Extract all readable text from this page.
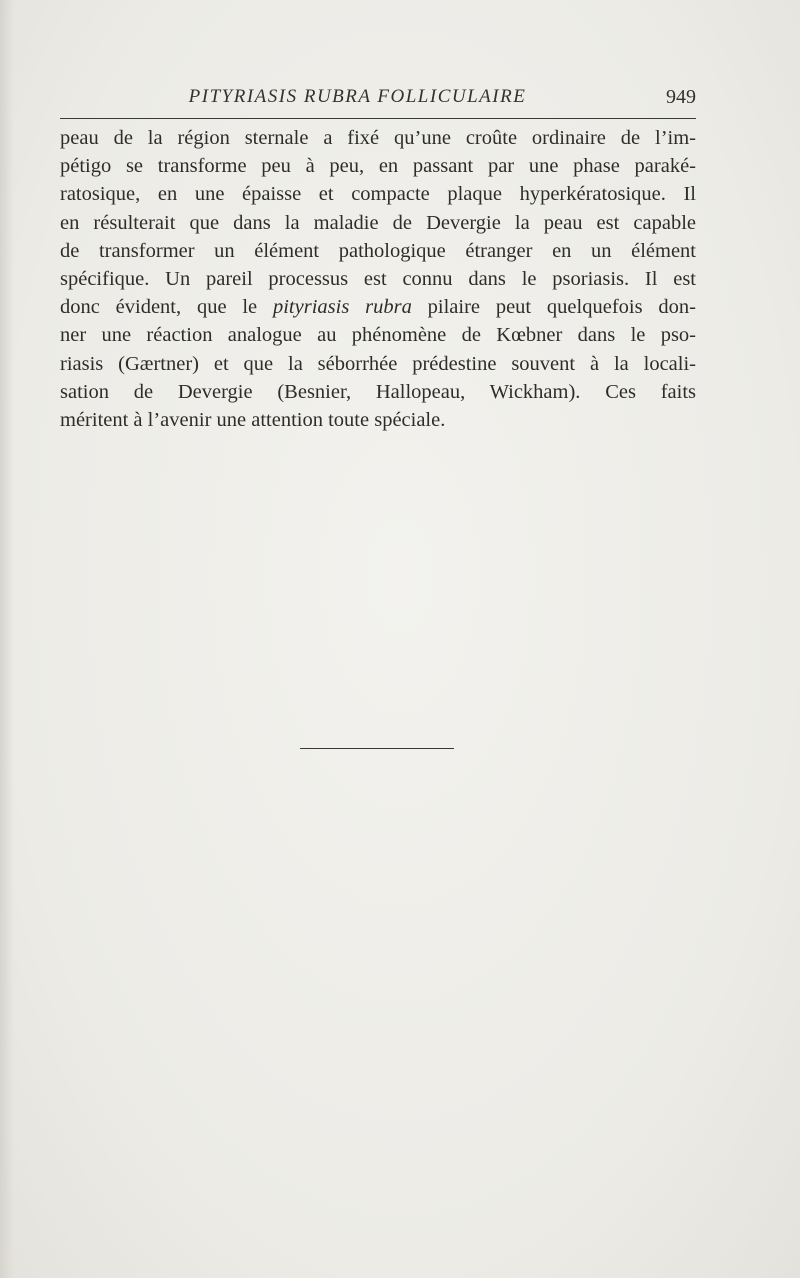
PITYRIASIS RUBRA FOLLICULAIRE	949
peau de la région sternale a fixé qu’une croûte ordinaire de l’im-
pétigo se transforme peu à peu, en passant par une phase paraké-
ratosique, en une épaisse et compacte plaque hyperkératosique. Il
en résulterait que dans la maladie de Devergie la peau est capable
de transformer un élément pathologique étranger en un élément
spécifique. Un pareil processus est connu dans le psoriasis. Il est
donc évident, que le pityriasis rubra pilaire peut quelquefois don-
ner une réaction analogue au phénomène de Kœbner dans le pso-
riasis (Gærtner) et que la séborrhée prédestine souvent à la locali-
sation de Devergie (Besnier, Hallopeau, Wickham). Ces faits
méritent à l’avenir une attention toute spéciale.
